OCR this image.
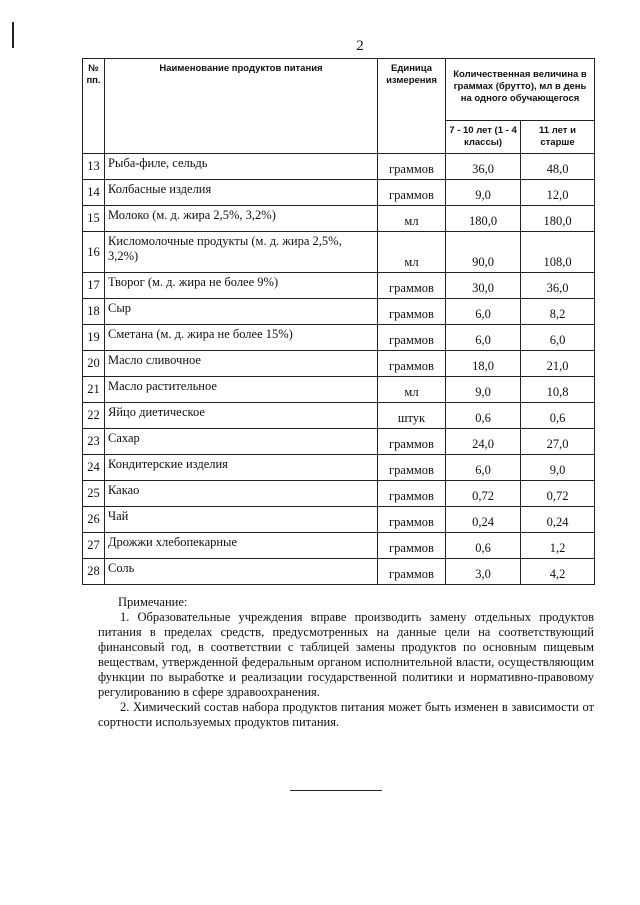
2
№ пп.	Наименование продуктов питания	Единица измерения	Количественная величина в граммах (брутто), мл в день на одного обучающегося	
			7 - 10 лет (1 - 4 классы)	11 лет и старше
13	Рыба-филе, сельдь	граммов	36,0	48,0
14	Колбасные изделия	граммов	9,0	12,0
15	Молоко (м. д. жира 2,5%, 3,2%)	мл	180,0	180,0
16	Кисломолочные продукты (м. д. жира 2,5%, 3,2%)	мл	90,0	108,0
17	Творог (м. д. жира не более 9%)	граммов	30,0	36,0
18	Сыр	граммов	6,0	8,2
19	Сметана (м. д. жира не более 15%)	граммов	6,0	6,0
20	Масло сливочное	граммов	18,0	21,0
21	Масло растительное	мл	9,0	10,8
22	Яйцо диетическое	штук	0,6	0,6
23	Сахар	граммов	24,0	27,0
24	Кондитерские изделия	граммов	6,0	9,0
25	Какао	граммов	0,72	0,72
26	Чай	граммов	0,24	0,24
27	Дрожжи хлебопекарные	граммов	0,6	1,2
28	Соль	граммов	3,0	4,2

Примечание:

1. Образовательные учреждения вправе производить замену отдельных продуктов питания в пределах средств, предусмотренных на данные цели на соответствующий финансовый год, в соответствии с таблицей замены продуктов по основным пищевым веществам, утвержденной федеральным органом исполнительной власти, осуществляющим функции по выработке и реализации государственной политики и нормативно-правовому регулированию в сфере здравоохранения.

2. Химический состав набора продуктов питания может быть изменен в зависимости от сортности используемых продуктов питания.
